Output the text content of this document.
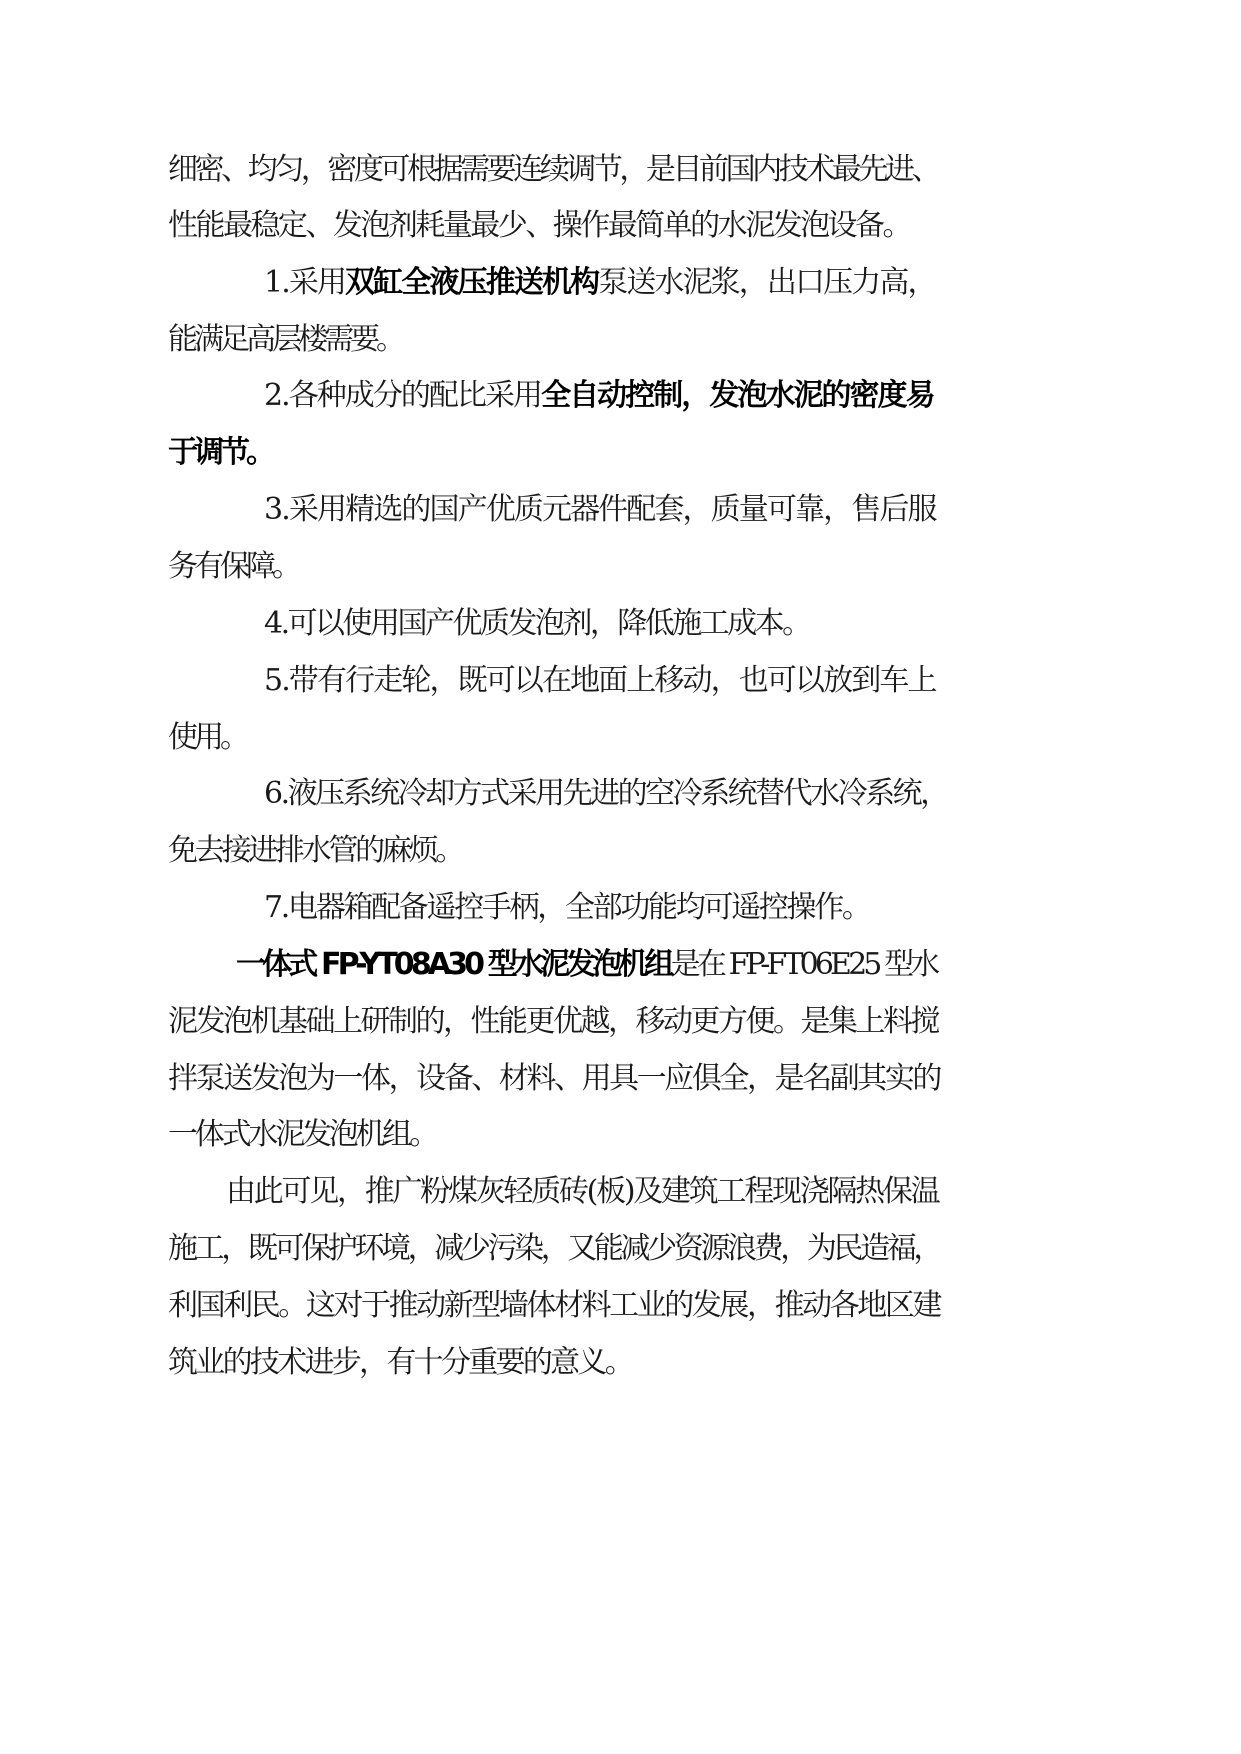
细密、均匀，密度可根据需要连续调节，是目前国内技术最先进、
性能最稳定、发泡剂耗量最少、操作最简单的水泥发泡设备。
1.采用双缸全液压推送机构泵送水泥浆，出口压力高，
能满足高层楼需要。
2.各种成分的配比采用全自动控制，发泡水泥的密度易
于调节。
3.采用精选的国产优质元器件配套，质量可靠，售后服
务有保障。
4.可以使用国产优质发泡剂，降低施工成本。
5.带有行走轮，既可以在地面上移动，也可以放到车上
使用。
6.液压系统冷却方式采用先进的空冷系统替代水冷系统，
免去接进排水管的麻烦。
7.电器箱配备遥控手柄，全部功能均可遥控操作。
一体式 FP-YT08A30 型水泥发泡机组是在 FP-FT06E25 型水
泥发泡机基础上研制的，性能更优越，移动更方便。是集上料搅
拌泵送发泡为一体，设备、材料、用具一应俱全，是名副其实的
一体式水泥发泡机组。
由此可见，推广粉煤灰轻质砖(板)及建筑工程现浇隔热保温
施工，既可保护环境，减少污染，又能减少资源浪费，为民造福，
利国利民。这对于推动新型墙体材料工业的发展，推动各地区建
筑业的技术进步，有十分重要的意义。
